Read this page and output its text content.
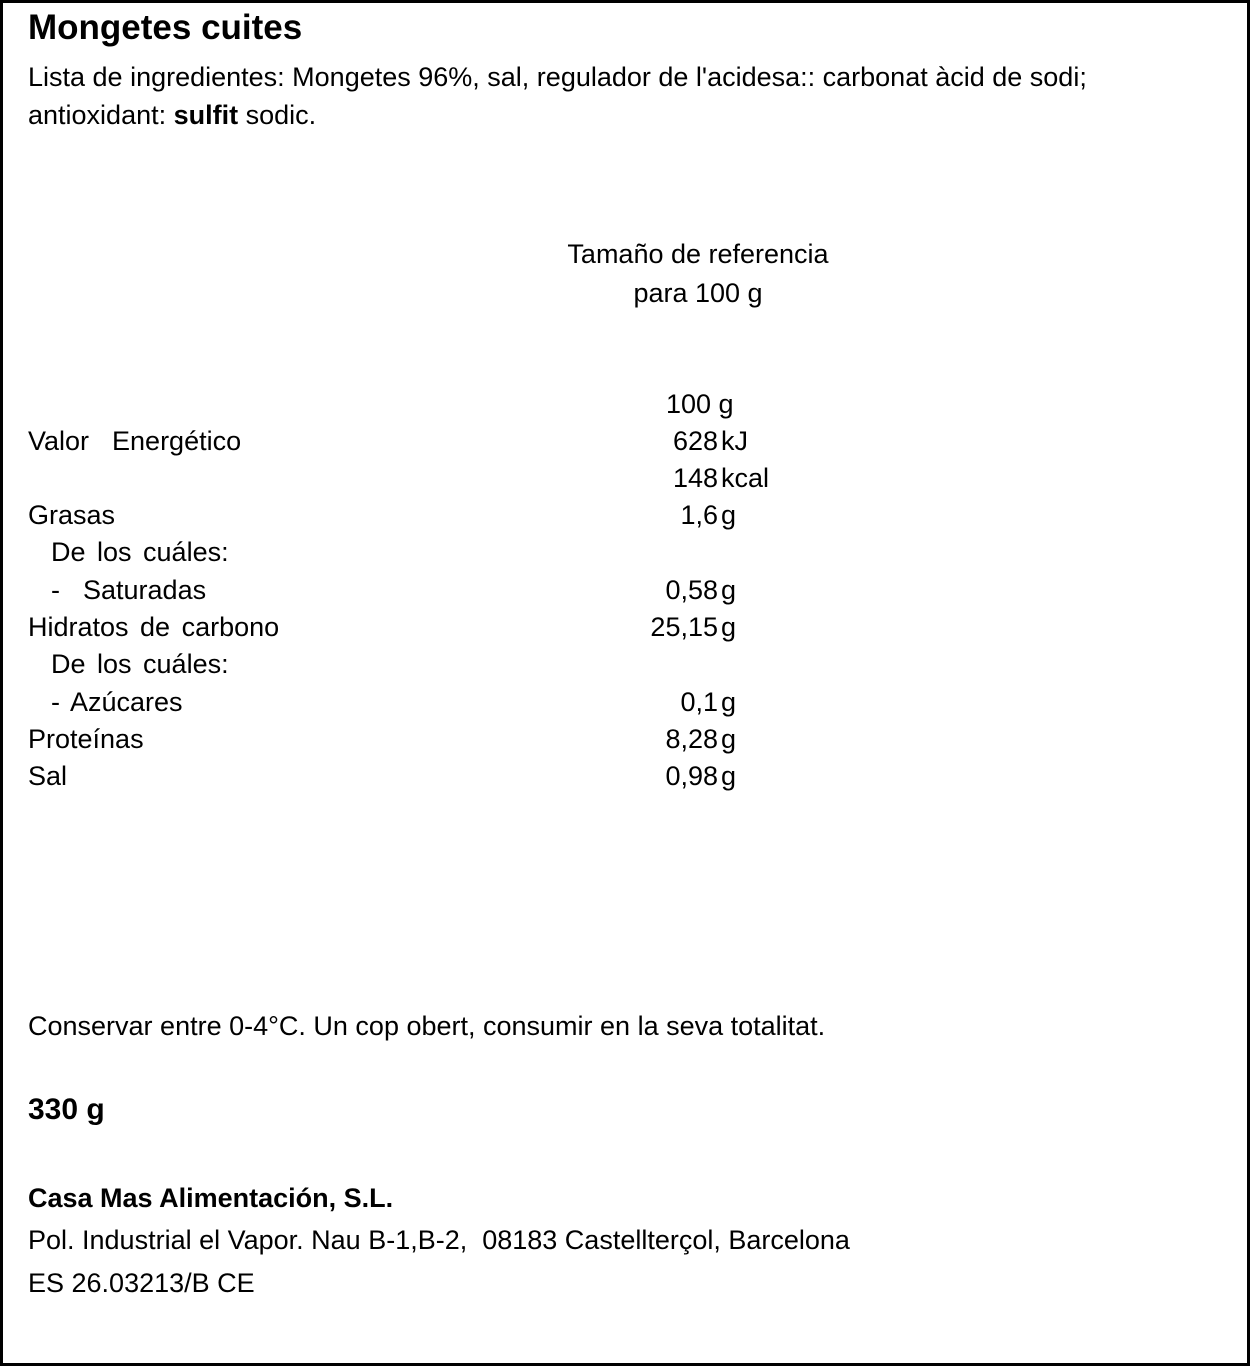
Mongetes cuites
Lista de ingredientes: Mongetes 96%, sal, regulador de l'acidesa:: carbonat àcid de sodi; antioxidant: sulfit sodic.
Tamaño de referencia
para 100 g
100 g
Valor  Energético	628 kJ
148 kcal
Grasas	1,6 g
De los cuáles:
-  Saturadas	0,58 g
Hidratos de carbono	25,15 g
De los cuáles:
- Azúcares	0,1 g
Proteínas	8,28 g
Sal	0,98 g
Conservar entre 0-4°C. Un cop obert, consumir en la seva totalitat.
330 g
Casa Mas Alimentación, S.L.
Pol. Industrial el Vapor. Nau B-1,B-2,  08183 Castellterçol, Barcelona
ES 26.03213/B CE
